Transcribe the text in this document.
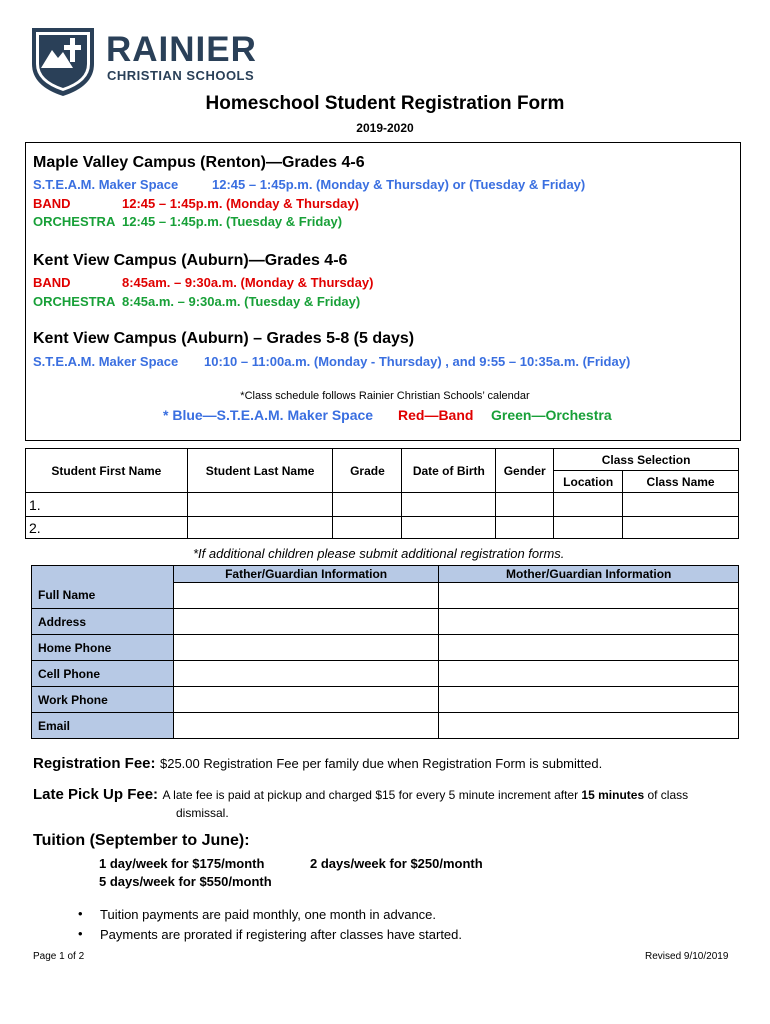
RAINIER
CHRISTIAN SCHOOLS
Homeschool Student Registration Form
2019-2020
Maple Valley Campus (Renton)—Grades 4-6
S.T.E.A.M. Maker Space	12:45 – 1:45p.m. (Monday & Thursday) or (Tuesday & Friday)
BAND	12:45 – 1:45p.m. (Monday & Thursday)
ORCHESTRA 12:45 – 1:45p.m. (Tuesday & Friday)
Kent View Campus (Auburn)—Grades 4-6
BAND	8:45am. – 9:30a.m. (Monday & Thursday)
ORCHESTRA 8:45a.m. – 9:30a.m. (Tuesday & Friday)
Kent View Campus (Auburn) – Grades 5-8 (5 days)
S.T.E.A.M. Maker Space 10:10 – 11:00a.m. (Monday - Thursday) , and 9:55 – 10:35a.m. (Friday)
*Class schedule follows Rainier Christian Schools’ calendar
* Blue—S.T.E.A.M. Maker Space Red—Band Green—Orchestra
Student First Name	Student Last Name	Grade	Date of Birth	Gender	Class Selection	
					Location	Class Name
1.						
2.						
*If additional children please submit additional registration forms.
	Father/Guardian Information	Mother/Guardian Information
Full Name		
Address		
Home Phone		
Cell Phone		
Work Phone		
Email		
Registration Fee: $25.00 Registration Fee per family due when Registration Form is submitted.
Late Pick Up Fee: A late fee is paid at pickup and charged $15 for every 5 minute increment after 15 minutes of class
dismissal.
Tuition (September to June):
1 day/week for $175/month	2 days/week for $250/month
5 days/week for $550/month
• Tuition payments are paid monthly, one month in advance.
• Payments are prorated if registering after classes have started.
Page 1 of 2	Revised 9/10/2019
